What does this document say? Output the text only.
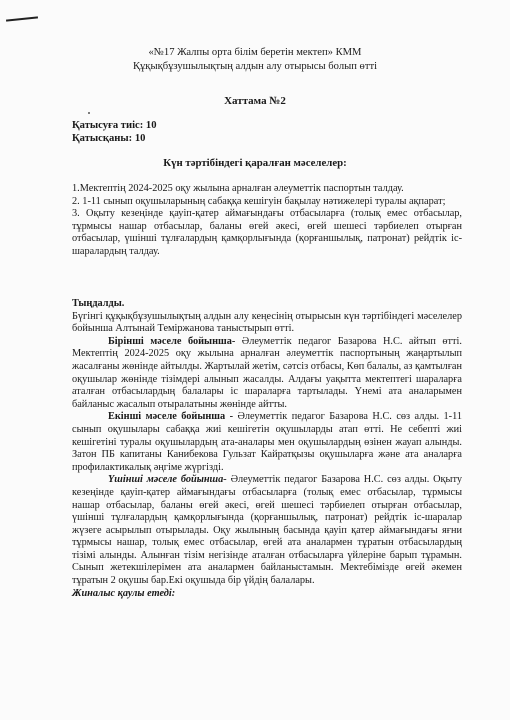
«№17 Жалпы орта білім беретін мектеп» КММ
Құқықбұзушылықтың алдын алу отырысы болып өтті
Хаттама №2
Қатысуға тиіс: 10
Қатысқаны: 10
Күн тәртібіндегі қаралған мәселелер:

1.Мектептің 2024-2025 оқу жылына арналған әлеуметтік паспортын талдау.

2. 1-11 сынып оқушыларының сабаққа кешігуін бақылау нәтижелері туралы ақпарат;

3. Оқыту кезеңінде қауіп-қатер аймағындағы отбасыларға (толық емес отбасылар, тұрмысы нашар отбасылар, баланы өгей әкесі, өгей шешесі тәрбиелеп отырған отбасылар, үшінші тұлғалардың қамқорлығында (қорғаншылық, патронат) рейдтік іс-шаралардың талдау.

Тыңдалды.

Бүгінгі құқықбұзушылықтың алдын алу кеңесінің отырысын күн тәртібіндегі мәселелер бойынша Алтынай Теміржанова таныстырып өтті.

Бірінші мәселе бойынша- Әлеуметтік педагог Базарова Н.С. айтып өтті. Мектептің 2024-2025 оқу жылына арналған әлеуметтік паспортының жаңартылып жасалғаны жөнінде айтылды. Жартылай жетім, сәтсіз отбасы, Көп балалы, аз қамтылған оқушылар жөнінде тізімдері алынып жасалды. Алдағы уақытта мектептегі шараларға аталған отбасылардың балалары іс шараларға тартылады. Үнемі ата аналарымен байланыс жасалып отыралатыны жөнінде айтты.

Екінші мәселе бойынша - Әлеуметтік педагог Базарова Н.С. сөз алды. 1-11 сынып оқушылары сабаққа жиі кешігетін оқушыларды атап өтті. Не себепті жиі кешігетіні туралы оқушылардың ата-аналары мен оқушылардың өзінен жауап алынды. Затон ПБ капитаны Канибекова Гульзат Кайратқызы оқушыларға және ата аналарға профилактикалық әңгіме жүргізді.

Үшінші мәселе бойынша- Әлеуметтік педагог Базарова Н.С. сөз алды. Оқыту кезеңінде қауіп-қатер аймағындағы отбасыларға (толық емес отбасылар, тұрмысы нашар отбасылар, баланы өгей әкесі, өгей шешесі тәрбиелеп отырған отбасылар, үшінші тұлғалардың қамқорлығында (қорғаншылық, патронат) рейдтік іс-шаралар жүзеге асырылып отырылады. Оқу жылының басында қауіп қатер аймағындағы яғни тұрмысы нашар, толық емес отбасылар, өгей ата аналармен тұратын отбасылардың тізімі алынды. Алынған тізім негізінде аталған отбасыларға үйлеріне барып тұрамын. Сынып жетекшілерімен ата аналармен байланыстамын. Мектебімізде өгей әкемен тұратын 2 оқушы бар.Екі оқушыда бір үйдің балалары.

Жиналыс қаулы етеді:
